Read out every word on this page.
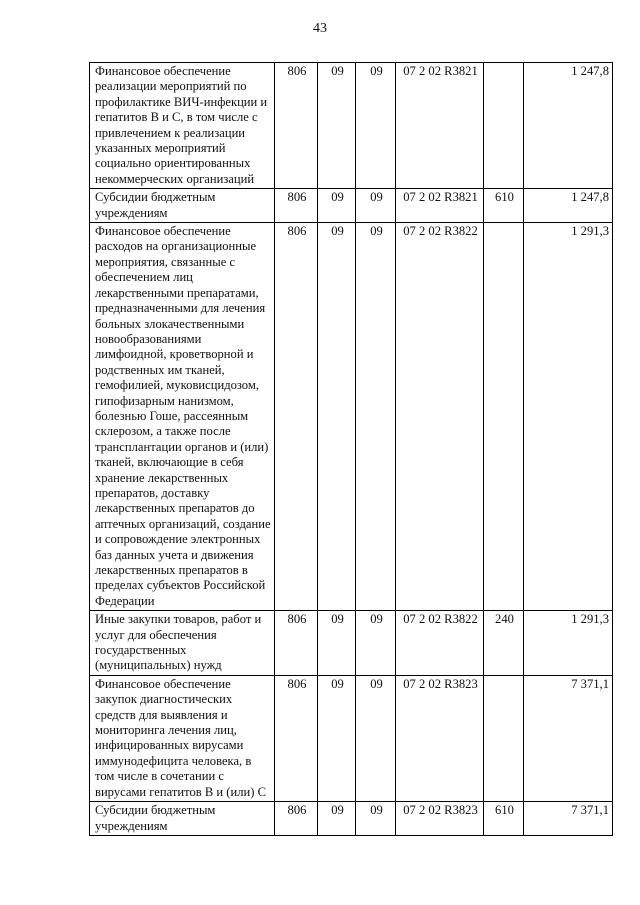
43
Финансовое обеспечение реализации мероприятий по профилактике ВИЧ-инфекции и гепатитов В и С, в том числе с привлечением к реализации указанных мероприятий социально ориентированных некоммерческих организаций	806	09	09	07 2 02 R3821		1 247,8
Субсидии бюджетным учреждениям	806	09	09	07 2 02 R3821	610	1 247,8
Финансовое обеспечение расходов на организационные мероприятия, связанные с обеспечением лиц лекарственными препаратами, предназначенными для лечения больных злокачественными новообразованиями лимфоидной, кроветворной и родственных им тканей, гемофилией, муковисцидозом, гипофизарным нанизмом, болезнью Гоше, рассеянным склерозом, а также после трансплантации органов и (или) тканей, включающие в себя хранение лекарственных препаратов, доставку лекарственных препаратов до аптечных организаций, создание и сопровождение электронных баз данных учета и движения лекарственных препаратов в пределах субъектов Российской Федерации	806	09	09	07 2 02 R3822		1 291,3
Иные закупки товаров, работ и услуг для обеспечения государственных (муниципальных) нужд	806	09	09	07 2 02 R3822	240	1 291,3
Финансовое обеспечение закупок диагностических средств для выявления и мониторинга лечения лиц, инфицированных вирусами иммунодефицита человека, в том числе в сочетании с вирусами гепатитов В и (или) С	806	09	09	07 2 02 R3823		7 371,1
Субсидии бюджетным учреждениям	806	09	09	07 2 02 R3823	610	7 371,1
